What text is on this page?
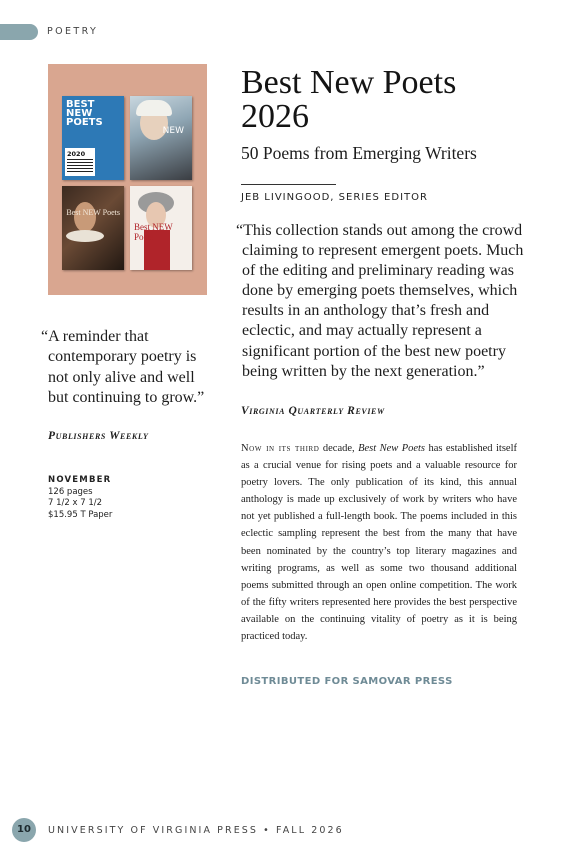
POETRY
BEST NEW POETS
2020
NEW
Best NEW Poets
Best NEW Poets
“A reminder that contemporary poetry is not only alive and well but continuing to grow.”
Publishers Weekly
NOVEMBER
126 pages
7 1/2 x 7 1/2
$15.95 T Paper
Best New Poets
2026
50 Poems from Emerging Writers
JEB LIVINGOOD, SERIES EDITOR
“This collection stands out among the crowd claiming to represent emergent poets. Much of the editing and preliminary reading was done by emerging poets themselves, which results in an anthology that’s fresh and eclectic, and may actually represent a significant portion of the best new poetry being written by the next generation.”
Virginia Quarterly Review
Now in its third decade, Best New Poets has established itself as a crucial venue for rising poets and a valuable resource for poetry lovers. The only publication of its kind, this annual anthology is made up exclusively of work by writers who have not yet published a full-length book. The poems included in this eclectic sampling represent the best from the many that have been nominated by the country’s top literary magazines and writing programs, as well as some two thousand additional poems submitted through an open online competition. The work of the fifty writers represented here provides the best perspective available on the continuing vitality of poetry as it is being practiced today.
DISTRIBUTED FOR SAMOVAR PRESS
10	UNIVERSITY OF VIRGINIA PRESS • FALL 2026
